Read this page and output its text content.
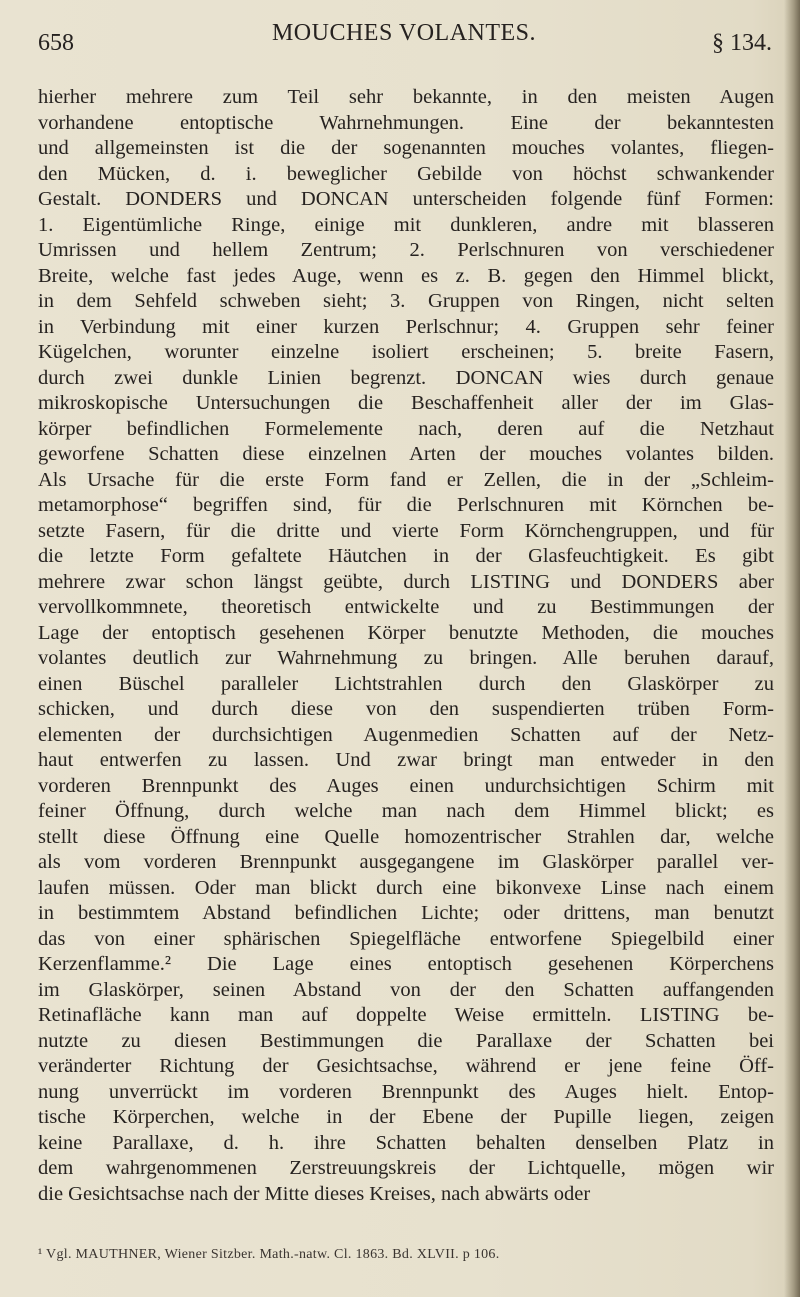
658	MOUCHES VOLANTES.	§ 134.
hierher mehrere zum Teil sehr bekannte, in den meisten Augen
vorhandene entoptische Wahrnehmungen. Eine der bekanntesten
und allgemeinsten ist die der sogenannten mouches volantes, fliegen-
den Mücken, d. i. beweglicher Gebilde von höchst schwankender
Gestalt. DONDERS und DONCAN unterscheiden folgende fünf Formen:
1. Eigentümliche Ringe, einige mit dunkleren, andre mit blasseren
Umrissen und hellem Zentrum; 2. Perlschnuren von verschiedener
Breite, welche fast jedes Auge, wenn es z. B. gegen den Himmel blickt,
in dem Sehfeld schweben sieht; 3. Gruppen von Ringen, nicht selten
in Verbindung mit einer kurzen Perlschnur; 4. Gruppen sehr feiner
Kügelchen, worunter einzelne isoliert erscheinen; 5. breite Fasern,
durch zwei dunkle Linien begrenzt. DONCAN wies durch genaue
mikroskopische Untersuchungen die Beschaffenheit aller der im Glas-
körper befindlichen Formelemente nach, deren auf die Netzhaut
geworfene Schatten diese einzelnen Arten der mouches volantes bilden.
Als Ursache für die erste Form fand er Zellen, die in der „Schleim-
metamorphose“ begriffen sind, für die Perlschnuren mit Körnchen be-
setzte Fasern, für die dritte und vierte Form Körnchengruppen, und für
die letzte Form gefaltete Häutchen in der Glasfeuchtigkeit. Es gibt
mehrere zwar schon längst geübte, durch LISTING und DONDERS aber
vervollkommnete, theoretisch entwickelte und zu Bestimmungen der
Lage der entoptisch gesehenen Körper benutzte Methoden, die mouches
volantes deutlich zur Wahrnehmung zu bringen. Alle beruhen darauf,
einen Büschel paralleler Lichtstrahlen durch den Glaskörper zu
schicken, und durch diese von den suspendierten trüben Form-
elementen der durchsichtigen Augenmedien Schatten auf der Netz-
haut entwerfen zu lassen. Und zwar bringt man entweder in den
vorderen Brennpunkt des Auges einen undurchsichtigen Schirm mit
feiner Öffnung, durch welche man nach dem Himmel blickt; es
stellt diese Öffnung eine Quelle homozentrischer Strahlen dar, welche
als vom vorderen Brennpunkt ausgegangene im Glaskörper parallel ver-
laufen müssen. Oder man blickt durch eine bikonvexe Linse nach einem
in bestimmtem Abstand befindlichen Lichte; oder drittens, man benutzt
das von einer sphärischen Spiegelfläche entworfene Spiegelbild einer
Kerzenflamme.² Die Lage eines entoptisch gesehenen Körperchens
im Glaskörper, seinen Abstand von der den Schatten auffangenden
Retinafläche kann man auf doppelte Weise ermitteln. LISTING be-
nutzte zu diesen Bestimmungen die Parallaxe der Schatten bei
veränderter Richtung der Gesichtsachse, während er jene feine Öff-
nung unverrückt im vorderen Brennpunkt des Auges hielt. Entop-
tische Körperchen, welche in der Ebene der Pupille liegen, zeigen
keine Parallaxe, d. h. ihre Schatten behalten denselben Platz in
dem wahrgenommenen Zerstreuungskreis der Lichtquelle, mögen wir
die Gesichtsachse nach der Mitte dieses Kreises, nach abwärts oder
¹ Vgl. MAUTHNER, Wiener Sitzber. Math.-natw. Cl. 1863. Bd. XLVII. p 106.
